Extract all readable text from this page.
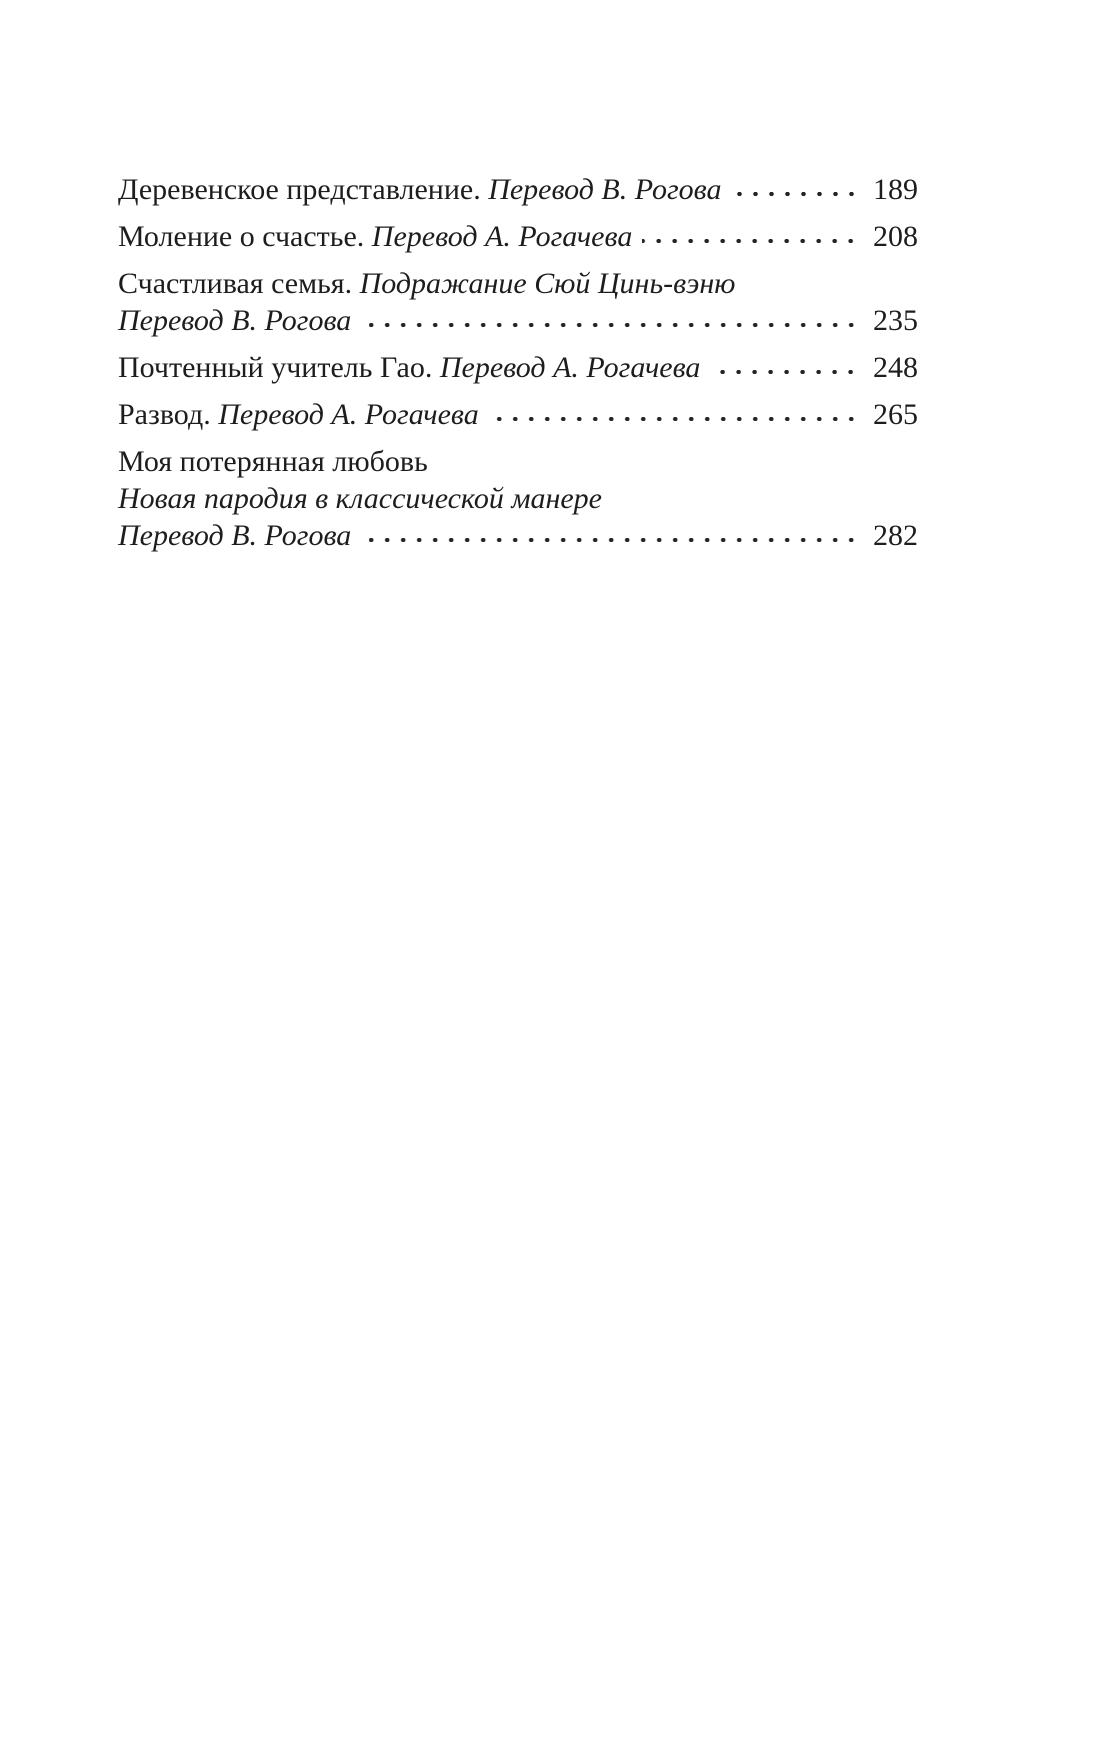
Деревенское представление. Перевод В. Рогова	189
Моление о счастье. Перевод А. Рогачева	208
Счастливая семья. Подражание Сюй Цинь-вэню
Перевод В. Рогова	235
Почтенный учитель Гао. Перевод А. Рогачева	248
Развод. Перевод А. Рогачева	265
Моя потерянная любовь
Новая пародия в классической манере
Перевод В. Рогова	282
